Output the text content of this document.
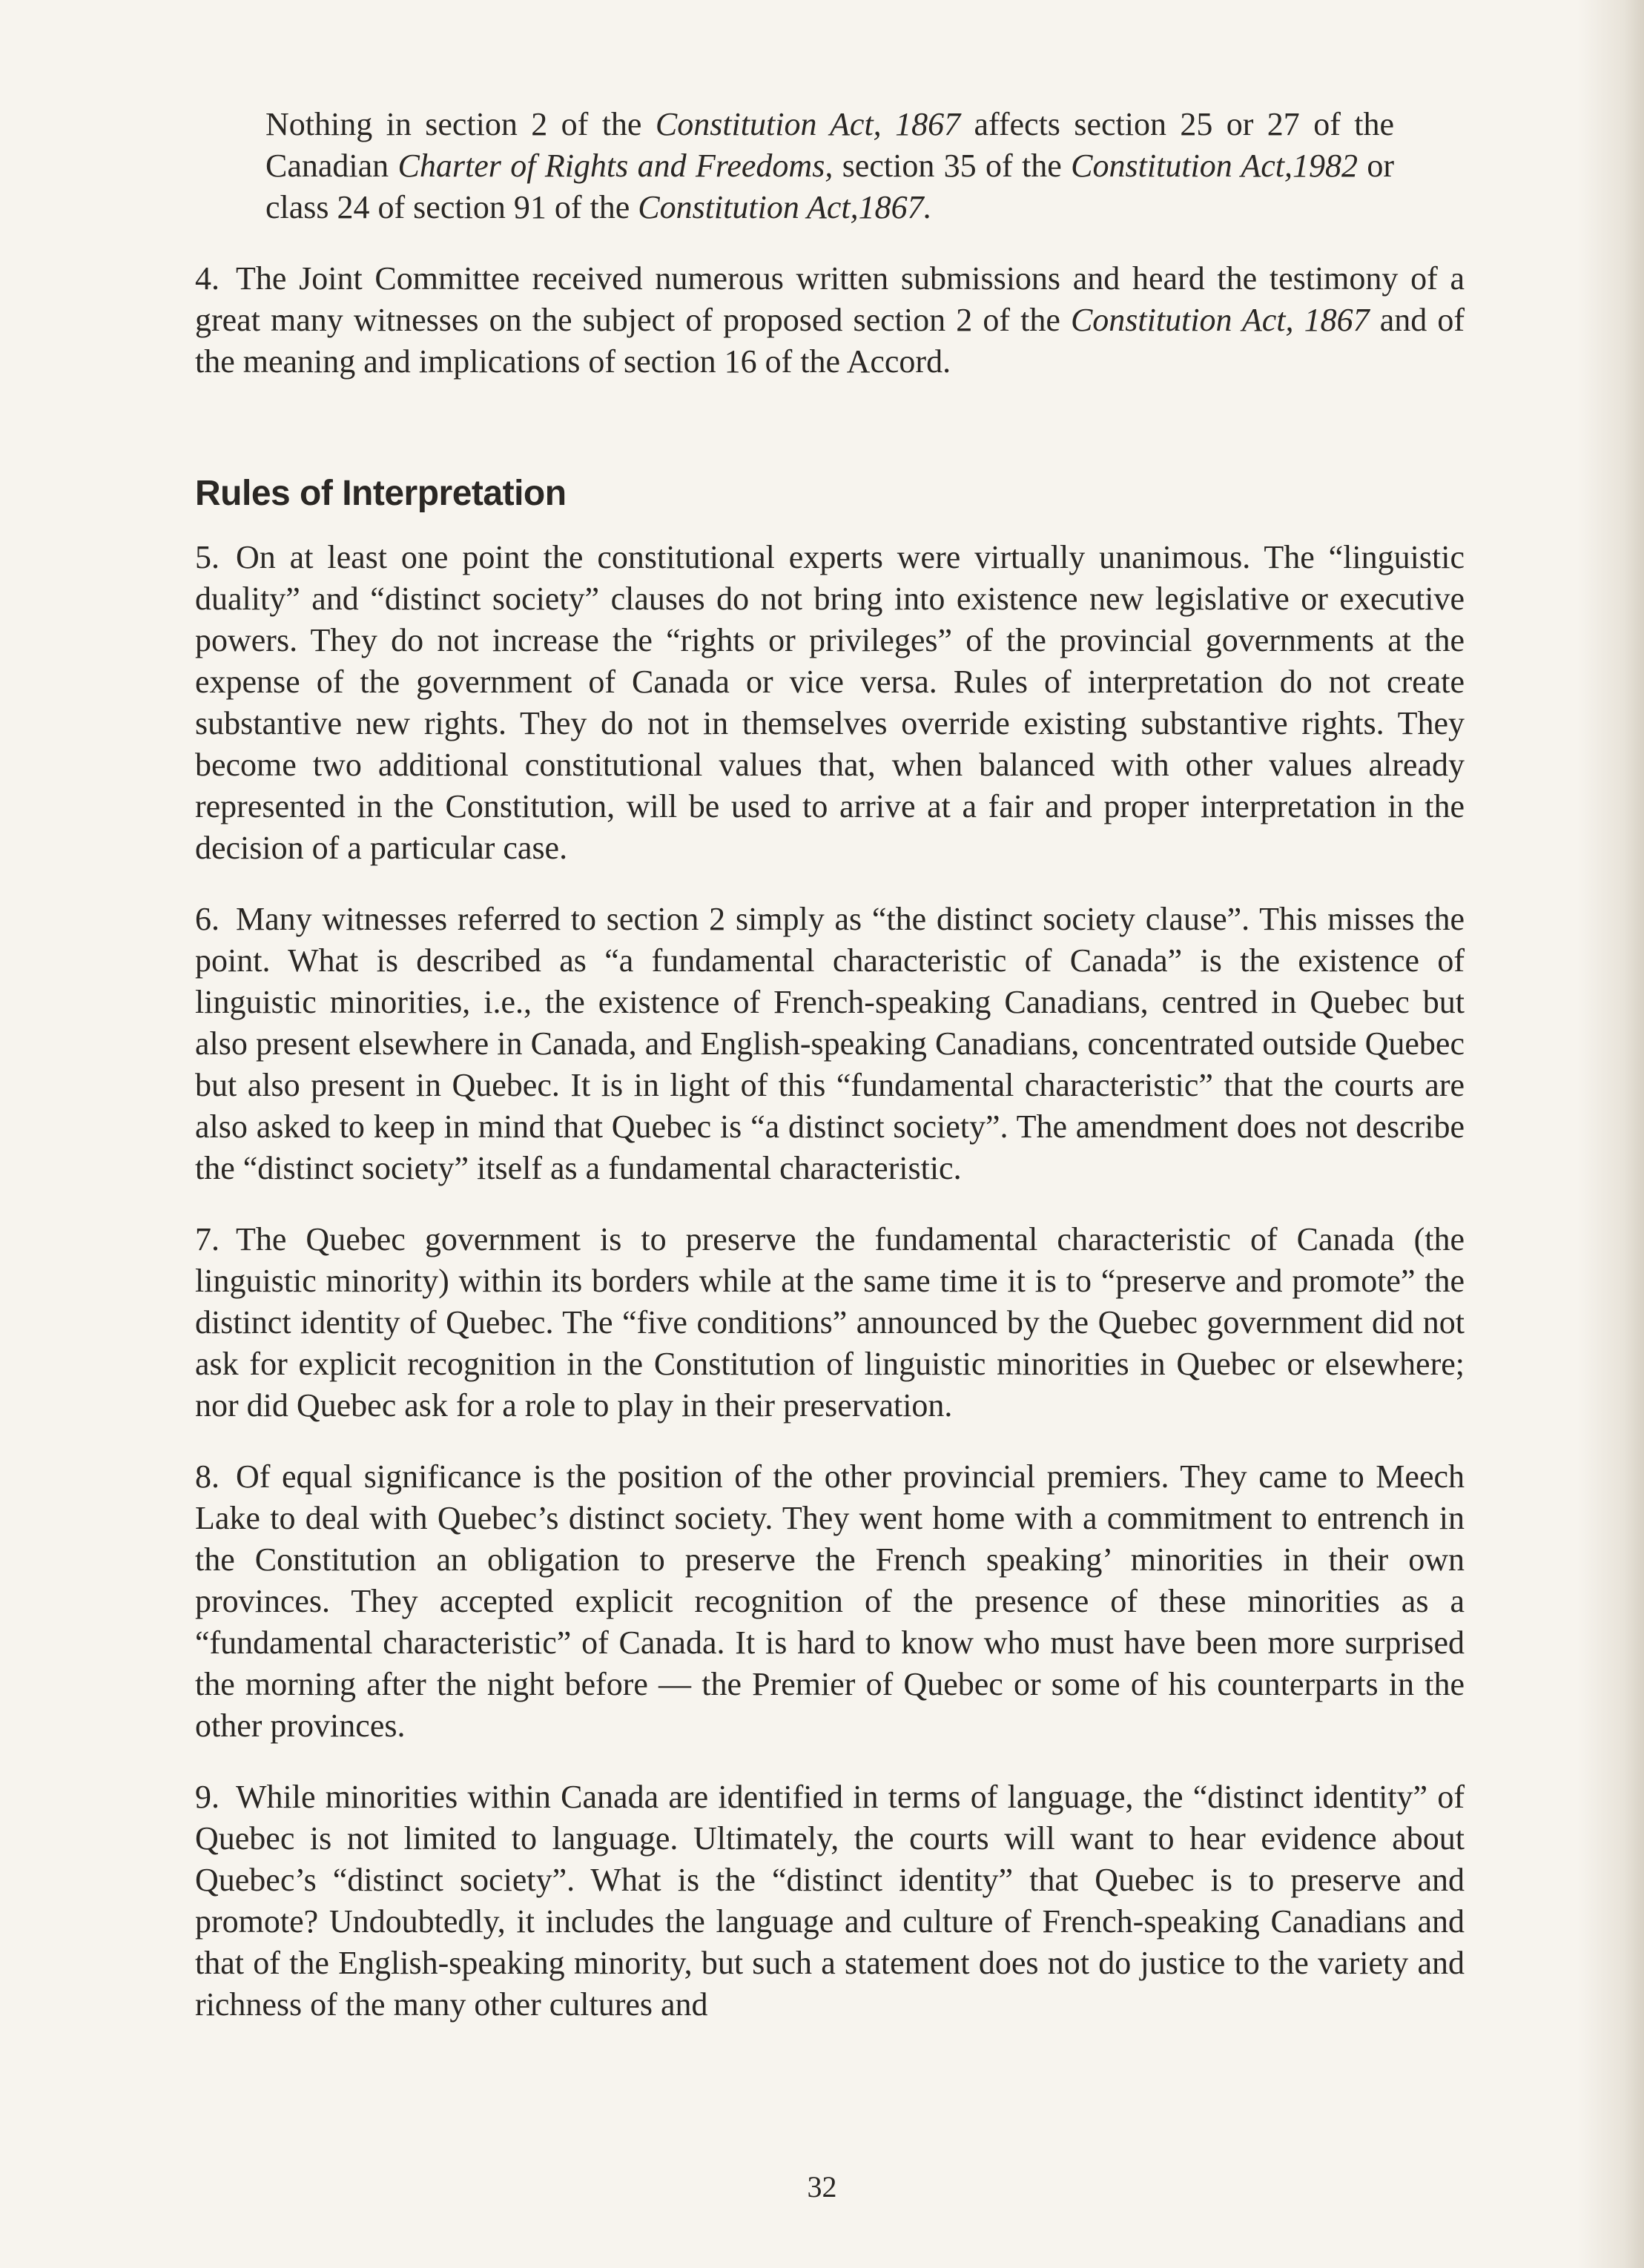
Nothing in section 2 of the Constitution Act, 1867 affects section 25 or 27 of the Canadian Charter of Rights and Freedoms, section 35 of the Constitution Act,1982 or class 24 of section 91 of the Constitution Act,1867.

4. The Joint Committee received numerous written submissions and heard the testimony of a great many witnesses on the subject of proposed section 2 of the Constitution Act, 1867 and of the meaning and implications of section 16 of the Accord.

Rules of Interpretation

5. On at least one point the constitutional experts were virtually unanimous. The “linguistic duality” and “distinct society” clauses do not bring into existence new legislative or executive powers. They do not increase the “rights or privileges” of the provincial governments at the expense of the government of Canada or vice versa. Rules of interpretation do not create substantive new rights. They do not in themselves override existing substantive rights. They become two additional constitutional values that, when balanced with other values already represented in the Constitution, will be used to arrive at a fair and proper interpretation in the decision of a particular case.

6. Many witnesses referred to section 2 simply as “the distinct society clause”. This misses the point. What is described as “a fundamental characteristic of Canada” is the existence of linguistic minorities, i.e., the existence of French-speaking Canadians, centred in Quebec but also present elsewhere in Canada, and English-speaking Canadians, concentrated outside Quebec but also present in Quebec. It is in light of this “fundamental characteristic” that the courts are also asked to keep in mind that Quebec is “a distinct society”. The amendment does not describe the “distinct society” itself as a fundamental characteristic.

7. The Quebec government is to preserve the fundamental characteristic of Canada (the linguistic minority) within its borders while at the same time it is to “preserve and promote” the distinct identity of Quebec. The “five conditions” announced by the Quebec government did not ask for explicit recognition in the Constitution of linguistic minorities in Quebec or elsewhere; nor did Quebec ask for a role to play in their preservation.

8. Of equal significance is the position of the other provincial premiers. They came to Meech Lake to deal with Quebec’s distinct society. They went home with a commitment to entrench in the Constitution an obligation to preserve the French speaking’ minorities in their own provinces. They accepted explicit recognition of the presence of these minorities as a “fundamental characteristic” of Canada. It is hard to know who must have been more surprised the morning after the night before — the Premier of Quebec or some of his counterparts in the other provinces.

9. While minorities within Canada are identified in terms of language, the “distinct identity” of Quebec is not limited to language. Ultimately, the courts will want to hear evidence about Quebec’s “distinct society”. What is the “distinct identity” that Quebec is to preserve and promote? Undoubtedly, it includes the language and culture of French-speaking Canadians and that of the English-speaking minority, but such a statement does not do justice to the variety and richness of the many other cultures and

32
